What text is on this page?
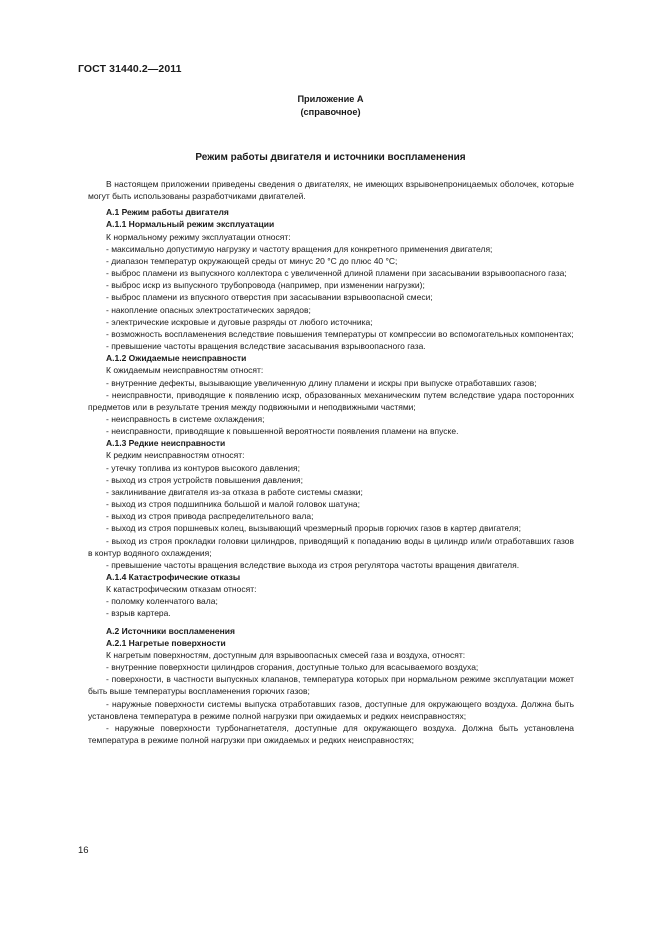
ГОСТ 31440.2—2011
Приложение А
(справочное)
Режим работы двигателя и источники воспламенения

В настоящем приложении приведены сведения о двигателях, не имеющих взрывонепроницаемых оболочек, которые могут быть использованы разработчиками двигателей.

А.1 Режим работы двигателя

А.1.1 Нормальный режим эксплуатации

К нормальному режиму эксплуатации относят:

- максимально допустимую нагрузку и частоту вращения для конкретного применения двигателя;

- диапазон температур окружающей среды от минус 20 °С до плюс 40 °С;

- выброс пламени из выпускного коллектора с увеличенной длиной пламени при засасывании взрывоопасного газа;

- выброс искр из выпускного трубопровода (например, при изменении нагрузки);

- выброс пламени из впускного отверстия при засасывании взрывоопасной смеси;

- накопление опасных электростатических зарядов;

- электрические искровые и дуговые разряды от любого источника;

- возможность воспламенения вследствие повышения температуры от компрессии во вспомогательных компонентах;

- превышение частоты вращения вследствие засасывания взрывоопасного газа.

А.1.2 Ожидаемые неисправности

К ожидаемым неисправностям относят:

- внутренние дефекты, вызывающие увеличенную длину пламени и искры при выпуске отработавших газов;

- неисправности, приводящие к появлению искр, образованных механическим путем вследствие удара посторонних предметов или в результате трения между подвижными и неподвижными частями;

- неисправность в системе охлаждения;

- неисправности, приводящие к повышенной вероятности появления пламени на впуске.

А.1.3 Редкие неисправности

К редким неисправностям относят:

- утечку топлива из контуров высокого давления;

- выход из строя устройств повышения давления;

- заклинивание двигателя из-за отказа в работе системы смазки;

- выход из строя подшипника большой и малой головок шатуна;

- выход из строя привода распределительного вала;

- выход из строя поршневых колец, вызывающий чрезмерный прорыв горючих газов в картер двигателя;

- выход из строя прокладки головки цилиндров, приводящий к попаданию воды в цилиндр или/и отработавших газов в контур водяного охлаждения;

- превышение частоты вращения вследствие выхода из строя регулятора частоты вращения двигателя.

А.1.4 Катастрофические отказы

К катастрофическим отказам относят:

- поломку коленчатого вала;

- взрыв картера.

А.2 Источники воспламенения

А.2.1 Нагретые поверхности

К нагретым поверхностям, доступным для взрывоопасных смесей газа и воздуха, относят:

- внутренние поверхности цилиндров сгорания, доступные только для всасываемого воздуха;

- поверхности, в частности выпускных клапанов, температура которых при нормальном режиме эксплуатации может быть выше температуры воспламенения горючих газов;

- наружные поверхности системы выпуска отработавших газов, доступные для окружающего воздуха. Должна быть установлена температура в режиме полной нагрузки при ожидаемых и редких неисправностях;

- наружные поверхности турбонагнетателя, доступные для окружающего воздуха. Должна быть установлена температура в режиме полной нагрузки при ожидаемых и редких неисправностях;

16
